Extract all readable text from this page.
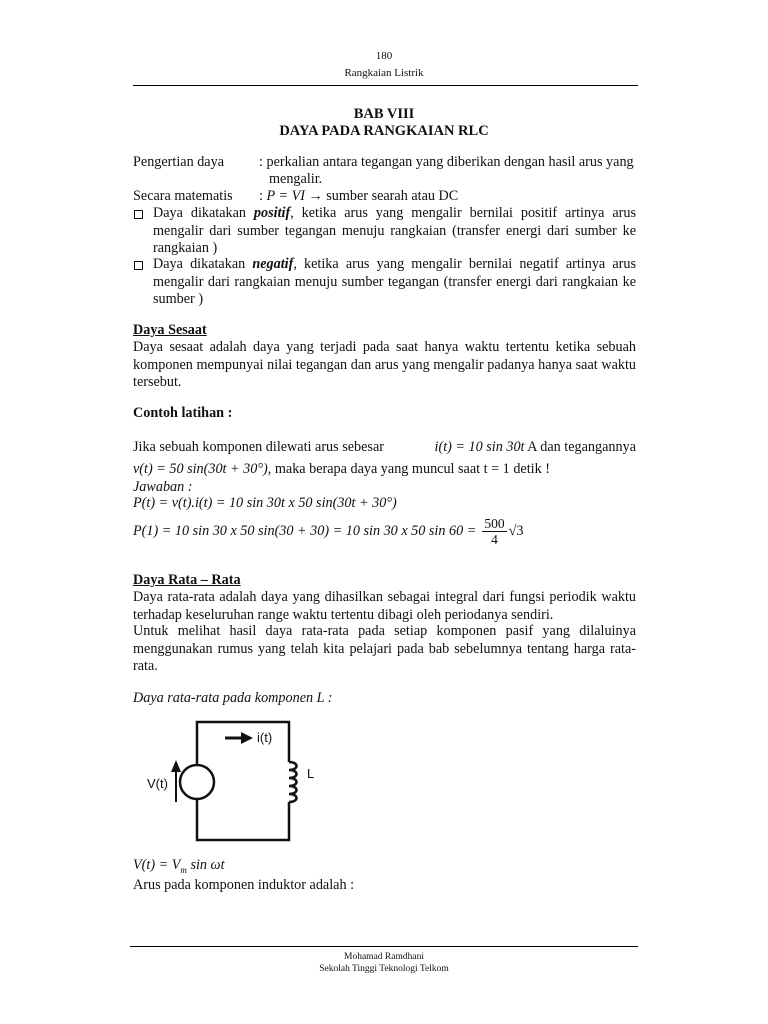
180
Rangkaian Listrik
BAB VIII
DAYA PADA RANGKAIAN RLC
Pengertian daya : perkalian antara tegangan yang diberikan dengan hasil arus yang
mengalir.
Secara matematis : P = VI → sumber searah atau DC
Daya dikatakan positif, ketika arus yang mengalir bernilai positif artinya arus mengalir dari sumber tegangan menuju rangkaian (transfer energi dari sumber ke rangkaian )
Daya dikatakan negatif, ketika arus yang mengalir bernilai negatif artinya arus mengalir dari rangkaian menuju sumber tegangan (transfer energi dari rangkaian ke sumber )
Daya Sesaat
Daya sesaat adalah daya yang terjadi pada saat hanya waktu tertentu ketika sebuah komponen mempunyai nilai tegangan dan arus yang mengalir padanya hanya saat waktu tersebut.
Contoh latihan :
Jika sebuah komponen dilewati arus sebesar	i(t) = 10 sin 30t A dan tegangannya
v(t) = 50 sin(30t + 30°), maka berapa daya yang muncul saat t = 1 detik !
Jawaban :
P(t) = v(t).i(t) = 10 sin 30t x 50 sin(30t + 30°)
P(1) = 10 sin 30 x 50 sin(30 + 30) = 10 sin 30 x 50 $\sin 60 = \frac{500}{4} √3$
Daya Rata – Rata
Daya rata-rata adalah daya yang dihasilkan sebagai integral dari fungsi periodik waktu terhadap keseluruhan range waktu tertentu dibagi oleh periodanya sendiri.
Untuk melihat hasil daya rata-rata pada setiap komponen pasif yang dilaluinya menggunakan rumus yang telah kita pelajari pada bab sebelumnya tentang harga rata-rata.
Daya rata-rata pada komponen L :
i(t)
V(t)
L
$V(t) = V_m$ sin ωt
Arus pada komponen induktor adalah :
Mohamad Ramdhani
Sekolah Tinggi Teknologi Telkom
